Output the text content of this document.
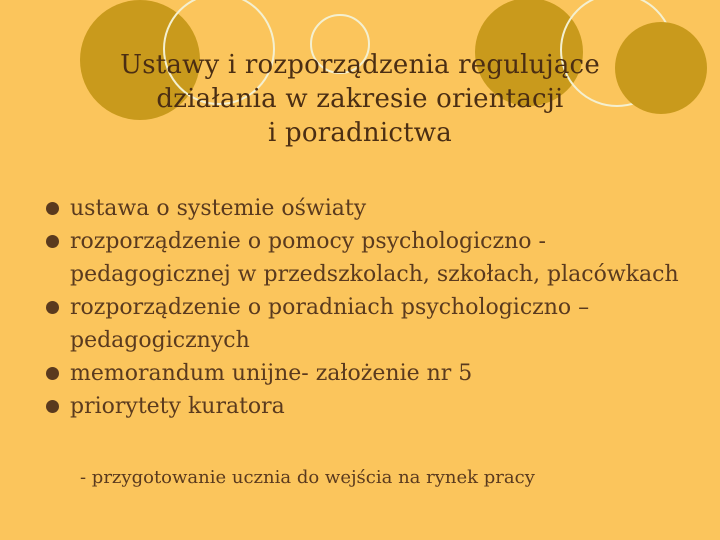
Ustawy i rozporządzenia regulujące
działania w zakresie orientacji
i poradnictwa
ustawa o systemie oświaty
rozporządzenie o pomocy psychologiczno - pedagogicznej w przedszkolach, szkołach, placówkach
rozporządzenie o poradniach psychologiczno – pedagogicznych
memorandum unijne- założenie nr 5
priorytety kuratora
- przygotowanie ucznia do wejścia na rynek pracy
